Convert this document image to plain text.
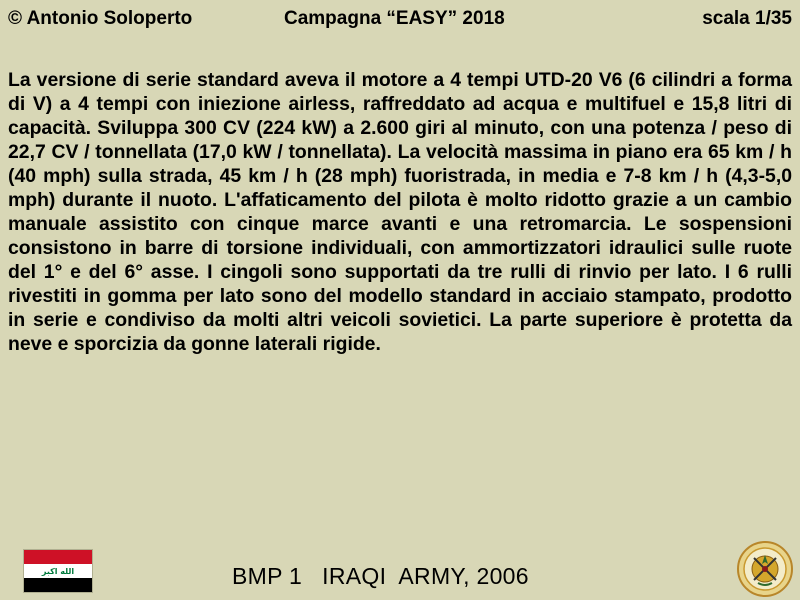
© Antonio Soloperto	Campagna “EASY” 2018	scala 1/35
La versione di serie standard aveva il motore a 4 tempi UTD-20 V6 (6 cilindri a forma di V) a 4 tempi con iniezione airless, raffreddato ad acqua e multifuel e 15,8 litri di capacità. Sviluppa 300 CV (224 kW) a 2.600 giri al minuto, con una potenza / peso di 22,7 CV / tonnellata (17,0 kW / tonnellata). La velocità massima in piano era 65 km / h (40 mph) sulla strada, 45 km / h (28 mph) fuoristrada, in media e 7-8 km / h (4,3-5,0 mph) durante il nuoto. L'affaticamento del pilota è molto ridotto grazie a un cambio manuale assistito con cinque marce avanti e una retromarcia. Le sospensioni consistono in barre di torsione individuali, con ammortizzatori idraulici sulle ruote del 1° e del 6° asse. I cingoli sono supportati da tre rulli di rinvio per lato. I 6 rulli rivestiti in gomma per lato sono del modello standard in acciaio stampato, prodotto in serie e condiviso da molti altri veicoli sovietici. La parte superiore è protetta da neve e sporcizia da gonne laterali rigide.
الله اكبر	BMP 1   IRAQI  ARMY, 2006
